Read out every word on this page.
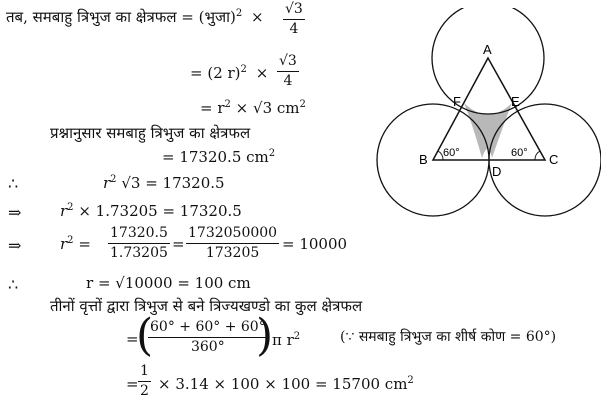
तब, समबाहु त्रिभुज का क्षेत्रफल = (भुजा)$^2$ × $\frac{√3}{4}$
= (2 $r)^2 \times \frac{√3}{4}$
= $r^2 \times √3$ $cm^2$
प्रश्नानुसार समबाहु त्रिभुज का क्षेत्रफल
= 17320.5 $cm^2$
∴	$r^2$ √3 = 17320.5
⇒	$r^2 \times 1.73205 = 17320.5$
⇒	$r^2 = \frac{17320.5}{1.73205} = \frac{1732050000}{173205} = 10000$
∴	r = √10000 = 100 cm
तीनों वृत्तों द्वारा त्रिभुज से बने त्रिज्यखण्डो का कुल क्षेत्रफल
=
(
$\frac{60^\circ + 60^\circ + 60^\circ}{360^\circ}$
)
π $r^2$	(∵ समबाहु त्रिभुज का शीर्ष कोण = 60°)
= $\frac{1}{2} \times 3.14 \times 100 \times 100 = 15700$ $cm^2$
A
B	C
D
E
F
60°	60°
